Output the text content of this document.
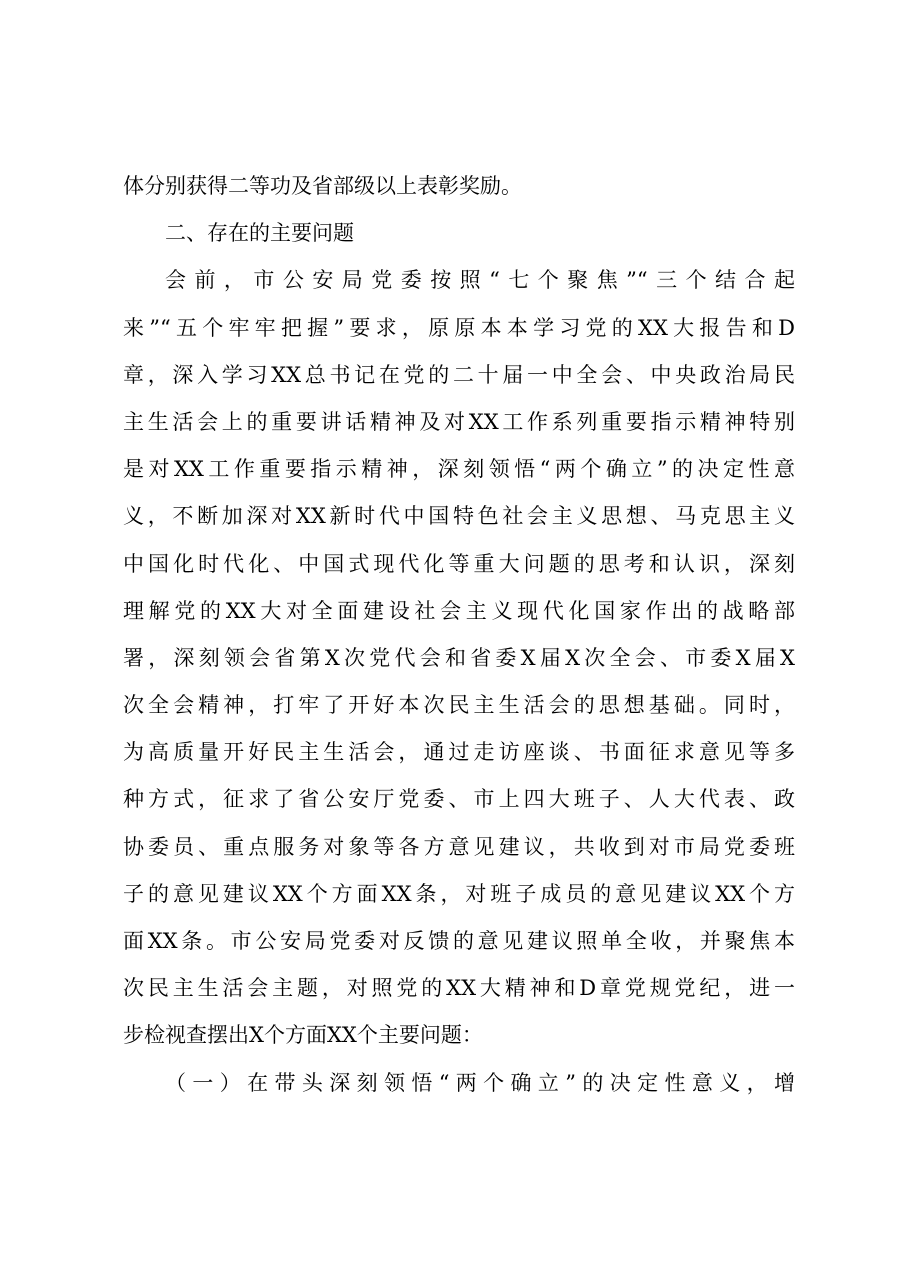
体分别获得二等功及省部级以上表彰奖励。

二、存在的主要问题

会前，市公安局党委按照“七个聚焦”“三个结合起

来”“五个牢牢把握”要求，原原本本学习党的XX大报告和D

章，深入学习XX总书记在党的二十届一中全会、中央政治局民

主生活会上的重要讲话精神及对XX工作系列重要指示精神特别

是对XX工作重要指示精神，深刻领悟“两个确立”的决定性意

义，不断加深对XX新时代中国特色社会主义思想、马克思主义

中国化时代化、中国式现代化等重大问题的思考和认识，深刻

理解党的XX大对全面建设社会主义现代化国家作出的战略部

署，深刻领会省第X次党代会和省委X届X次全会、市委X届X

次全会精神，打牢了开好本次民主生活会的思想基础。同时，

为高质量开好民主生活会，通过走访座谈、书面征求意见等多

种方式，征求了省公安厅党委、市上四大班子、人大代表、政

协委员、重点服务对象等各方意见建议，共收到对市局党委班

子的意见建议XX个方面XX条，对班子成员的意见建议XX个方

面XX条。市公安局党委对反馈的意见建议照单全收，并聚焦本

次民主生活会主题，对照党的XX大精神和D章党规党纪，进一

步检视查摆出X个方面XX个主要问题：

（一）在带头深刻领悟“两个确立”的决定性意义，增
